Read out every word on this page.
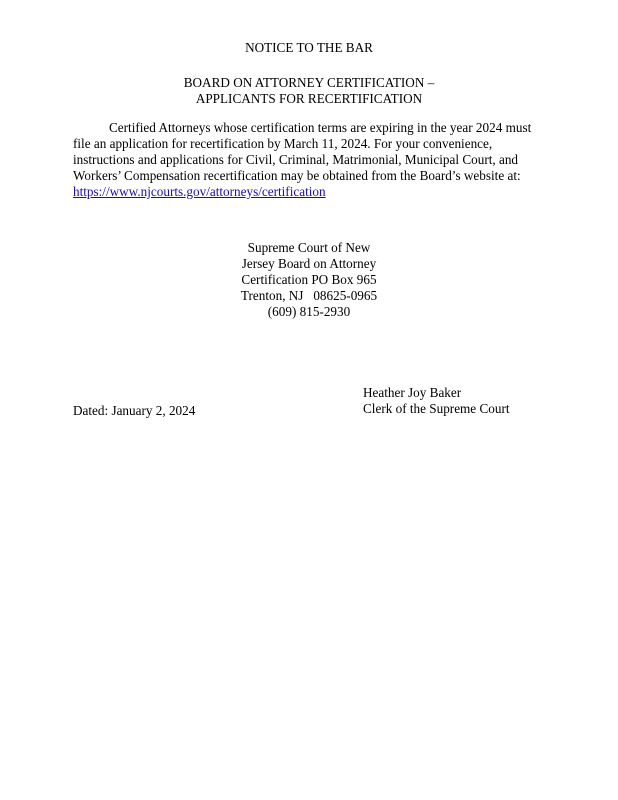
NOTICE TO THE BAR
BOARD ON ATTORNEY CERTIFICATION –
APPLICANTS FOR RECERTIFICATION
Certified Attorneys whose certification terms are expiring in the year 2024 must
file an application for recertification by March 11, 2024. For your convenience,
instructions and applications for Civil, Criminal, Matrimonial, Municipal Court, and
Workers’ Compensation recertification may be obtained from the Board’s website at:
https://www.njcourts.gov/attorneys/certification
Supreme Court of New
Jersey Board on Attorney
Certification PO Box 965
Trenton, NJ   08625-0965
(609) 815-2930
Heather Joy Baker
Clerk of the Supreme Court
Dated: January 2, 2024
